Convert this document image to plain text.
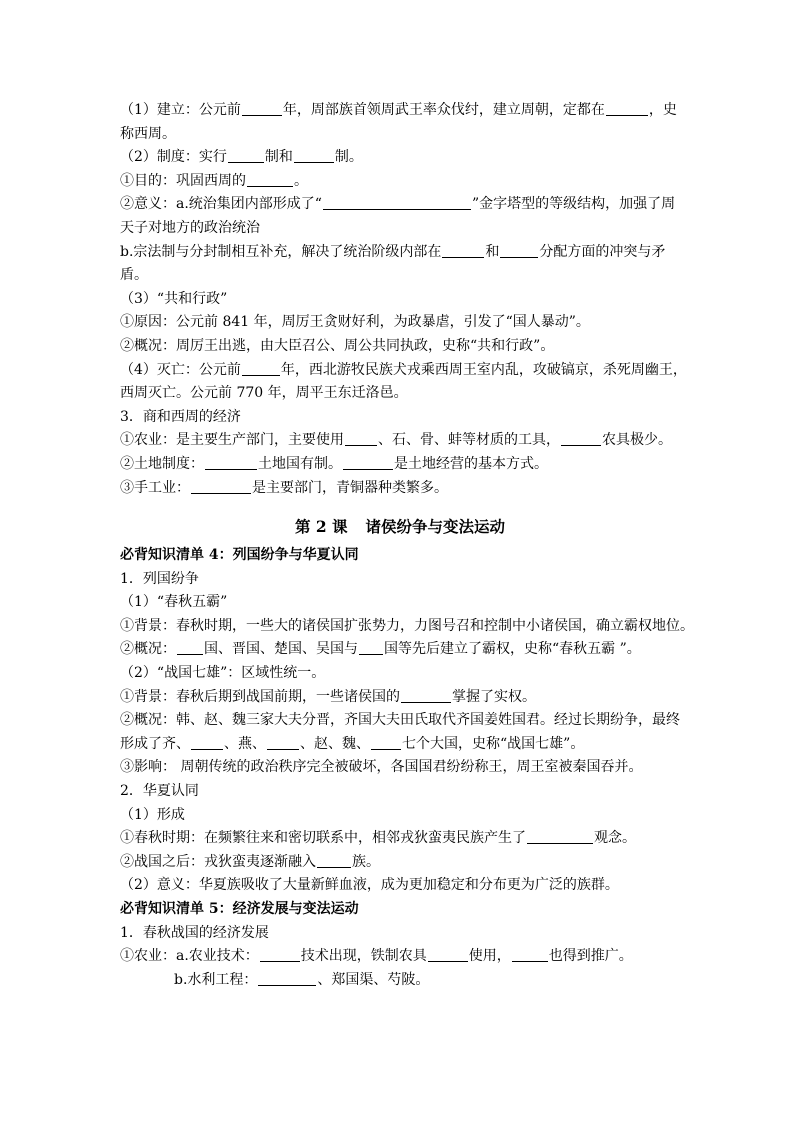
（1）建立：公元前	年，周部族首领周武王率众伐纣，建立周朝，定都在	，史
称西周。
（2）制度：实行	制和	制。
①目的：巩固西周的	。
②意义：a.统治集团内部形成了“	”金字塔型的等级结构，加强了周
天子对地方的政治统治
b.宗法制与分封制相互补充，解决了统治阶级内部在	和	分配方面的冲突与矛
盾。
（3）“共和行政”
①原因：公元前 841 年，周厉王贪财好利，为政暴虐，引发了“国人暴动”。
②概况：周厉王出逃，由大臣召公、周公共同执政，史称“共和行政”。
（4）灭亡：公元前	年，西北游牧民族犬戎乘西周王室内乱，攻破镐京，杀死周幽王，
西周灭亡。公元前 770 年，周平王东迁洛邑。
3．商和西周的经济
①农业：是主要生产部门，主要使用 、石、骨、蚌等材质的工具，	农具极少。
②土地制度：	土地国有制。	是土地经营的基本方式。
③手工业：	是主要部门，青铜器种类繁多。
第 2 课 诸侯纷争与变法运动
必背知识清单 4：列国纷争与华夏认同
1．列国纷争
（1）“春秋五霸”
①背景：春秋时期，一些大的诸侯国扩张势力，力图号召和控制中小诸侯国，确立霸权地位。
②概况： 国、晋国、楚国、吴国与 国等先后建立了霸权，史称“春秋五霸 ”。
（2）“战国七雄”：区域性统一。
①背景：春秋后期到战国前期，一些诸侯国的	掌握了实权。
②概况：韩、赵、魏三家大夫分晋，齐国大夫田氏取代齐国姜姓国君。经过长期纷争，最终
形成了齐、 、燕、 、赵、魏、 七个大国，史称“战国七雄”。
③影响： 周朝传统的政治秩序完全被破坏，各国国君纷纷称王，周王室被秦国吞并。
2．华夏认同
（1）形成
①春秋时期：在频繁往来和密切联系中，相邻戎狄蛮夷民族产生了	观念。
②战国之后：戎狄蛮夷逐渐融入	族。
（2）意义：华夏族吸收了大量新鲜血液，成为更加稳定和分布更为广泛的族群。
必背知识清单 5：经济发展与变法运动
1．春秋战国的经济发展
①农业：a.农业技术：	技术出现，铁制农具	使用，	也得到推广。
b.水利工程：	、郑国渠、芍陂。
